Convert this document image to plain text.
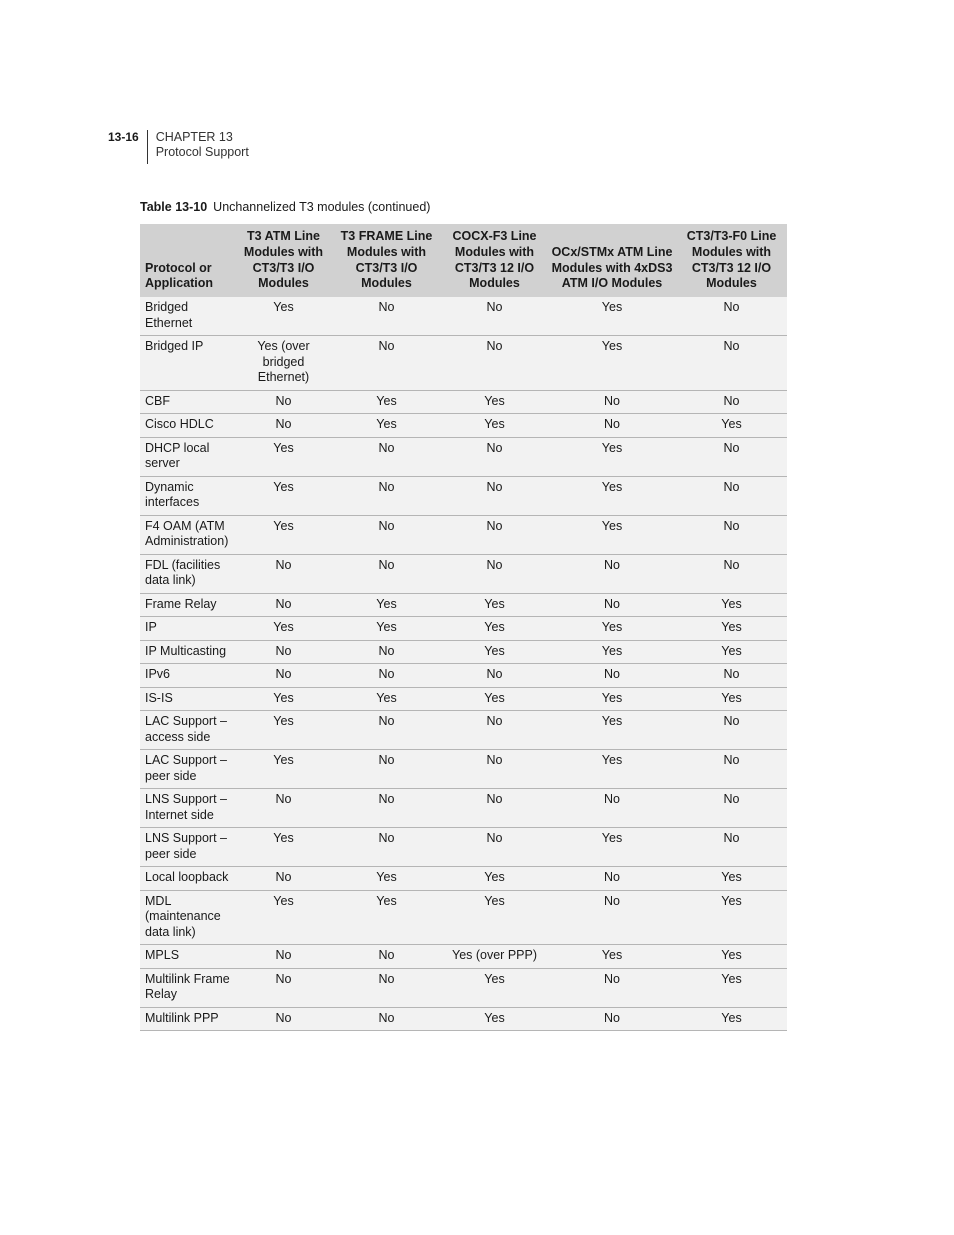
13-16	CHAPTER 13
Protocol Support
Table 13-10 Unchannelized T3 modules (continued)
Protocol or Application	T3 ATM Line Modules with CT3/T3 I/O Modules	T3 FRAME Line Modules with CT3/T3 I/O Modules	COCX-F3 Line Modules with CT3/T3 12 I/O Modules	OCx/STMx ATM Line Modules with 4xDS3 ATM I/O Modules	CT3/T3-F0 Line Modules with CT3/T3 12 I/O Modules
Bridged Ethernet	Yes	No	No	Yes	No
Bridged IP	Yes (over bridged Ethernet)	No	No	Yes	No
CBF	No	Yes	Yes	No	No
Cisco HDLC	No	Yes	Yes	No	Yes
DHCP local server	Yes	No	No	Yes	No
Dynamic interfaces	Yes	No	No	Yes	No
F4 OAM (ATM Administration)	Yes	No	No	Yes	No
FDL (facilities data link)	No	No	No	No	No
Frame Relay	No	Yes	Yes	No	Yes
IP	Yes	Yes	Yes	Yes	Yes
IP Multicasting	No	No	Yes	Yes	Yes
IPv6	No	No	No	No	No
IS-IS	Yes	Yes	Yes	Yes	Yes
LAC Support – access side	Yes	No	No	Yes	No
LAC Support – peer side	Yes	No	No	Yes	No
LNS Support – Internet side	No	No	No	No	No
LNS Support – peer side	Yes	No	No	Yes	No
Local loopback	No	Yes	Yes	No	Yes
MDL (maintenance data link)	Yes	Yes	Yes	No	Yes
MPLS	No	No	Yes (over PPP)	Yes	Yes
Multilink Frame Relay	No	No	Yes	No	Yes
Multilink PPP	No	No	Yes	No	Yes
